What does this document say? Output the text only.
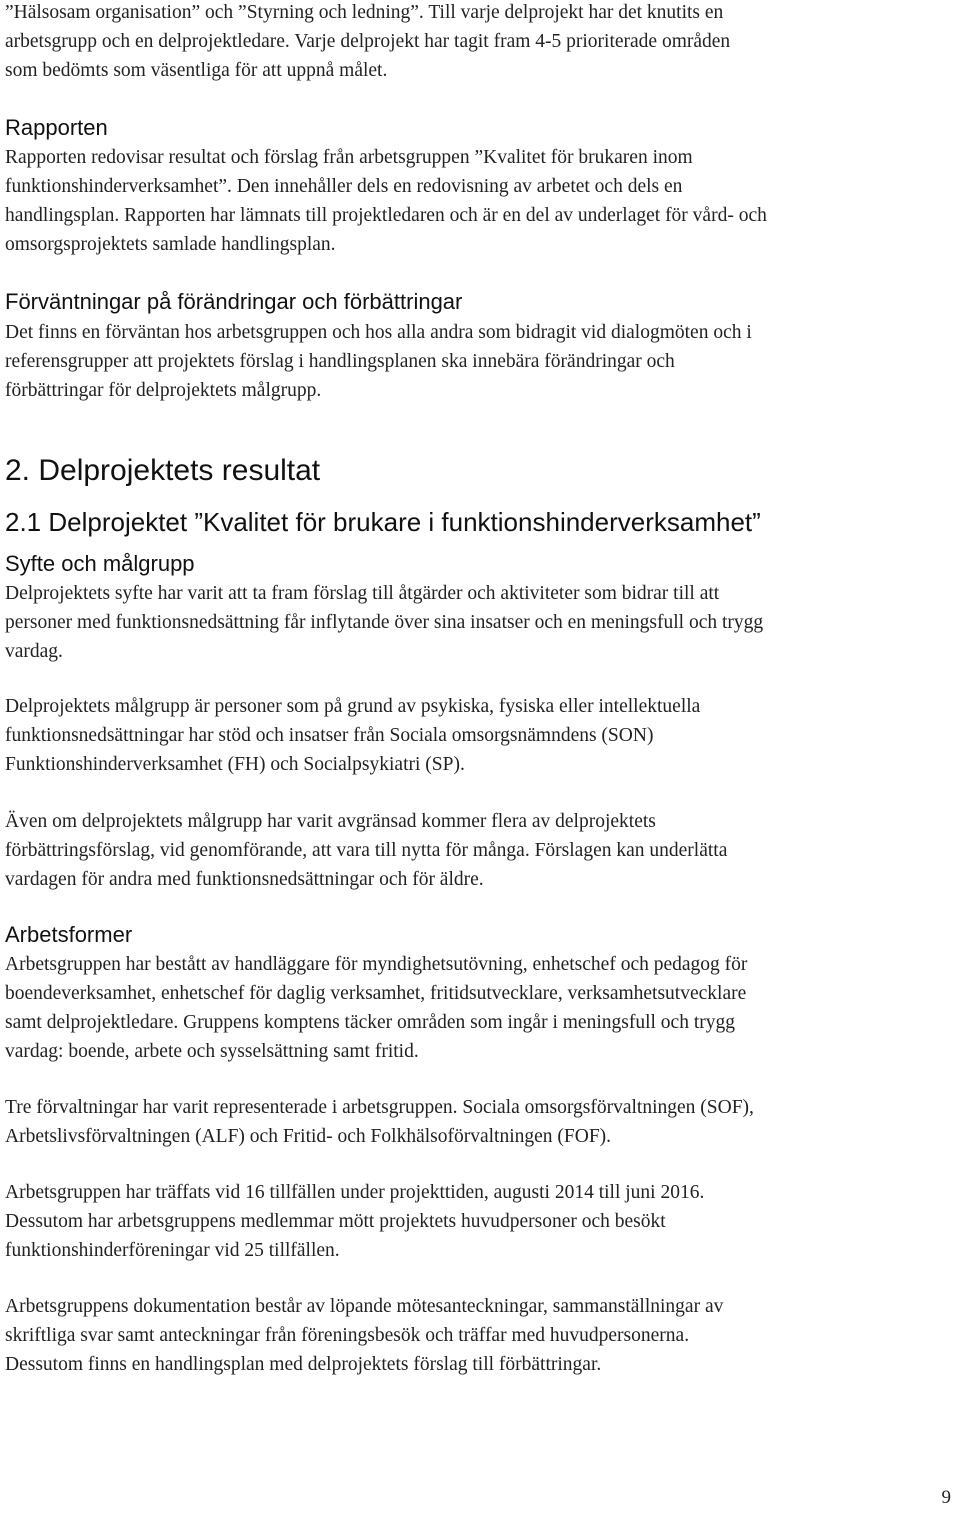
”Hälsosam organisation” och ”Styrning och ledning”. Till varje delprojekt har det knutits en
arbetsgrupp och en delprojektledare. Varje delprojekt har tagit fram 4-5 prioriterade områden
som bedömts som väsentliga för att uppnå målet.

Rapporten

Rapporten redovisar resultat och förslag från arbetsgruppen ”Kvalitet för brukaren inom
funktionshinderverksamhet”. Den innehåller dels en redovisning av arbetet och dels en
handlingsplan. Rapporten har lämnats till projektledaren och är en del av underlaget för vård- och
omsorgsprojektets samlade handlingsplan.

Förväntningar på förändringar och förbättringar

Det finns en förväntan hos arbetsgruppen och hos alla andra som bidragit vid dialogmöten och i
referensgrupper att projektets förslag i handlingsplanen ska innebära förändringar och
förbättringar för delprojektets målgrupp.

2. Delprojektets resultat
2.1 Delprojektet ”Kvalitet för brukare i funktionshinderverksamhet”
Syfte och målgrupp

Delprojektets syfte har varit att ta fram förslag till åtgärder och aktiviteter som bidrar till att
personer med funktionsnedsättning får inflytande över sina insatser och en meningsfull och trygg
vardag.

Delprojektets målgrupp är personer som på grund av psykiska, fysiska eller intellektuella
funktionsnedsättningar har stöd och insatser från Sociala omsorgsnämndens (SON)
Funktionshinderverksamhet (FH) och Socialpsykiatri (SP).

Även om delprojektets målgrupp har varit avgränsad kommer flera av delprojektets
förbättringsförslag, vid genomförande, att vara till nytta för många. Förslagen kan underlätta
vardagen för andra med funktionsnedsättningar och för äldre.

Arbetsformer

Arbetsgruppen har bestått av handläggare för myndighetsutövning, enhetschef och pedagog för
boendeverksamhet, enhetschef för daglig verksamhet, fritidsutvecklare, verksamhetsutvecklare
samt delprojektledare. Gruppens komptens täcker områden som ingår i meningsfull och trygg
vardag: boende, arbete och sysselsättning samt fritid.

Tre förvaltningar har varit representerade i arbetsgruppen. Sociala omsorgsförvaltningen (SOF),
Arbetslivsförvaltningen (ALF) och Fritid- och Folkhälsoförvaltningen (FOF).

Arbetsgruppen har träffats vid 16 tillfällen under projekttiden, augusti 2014 till juni 2016.
Dessutom har arbetsgruppens medlemmar mött projektets huvudpersoner och besökt
funktionshinderföreningar vid 25 tillfällen.

Arbetsgruppens dokumentation består av löpande mötesanteckningar, sammanställningar av
skriftliga svar samt anteckningar från föreningsbesök och träffar med huvudpersonerna.
Dessutom finns en handlingsplan med delprojektets förslag till förbättringar.

9
